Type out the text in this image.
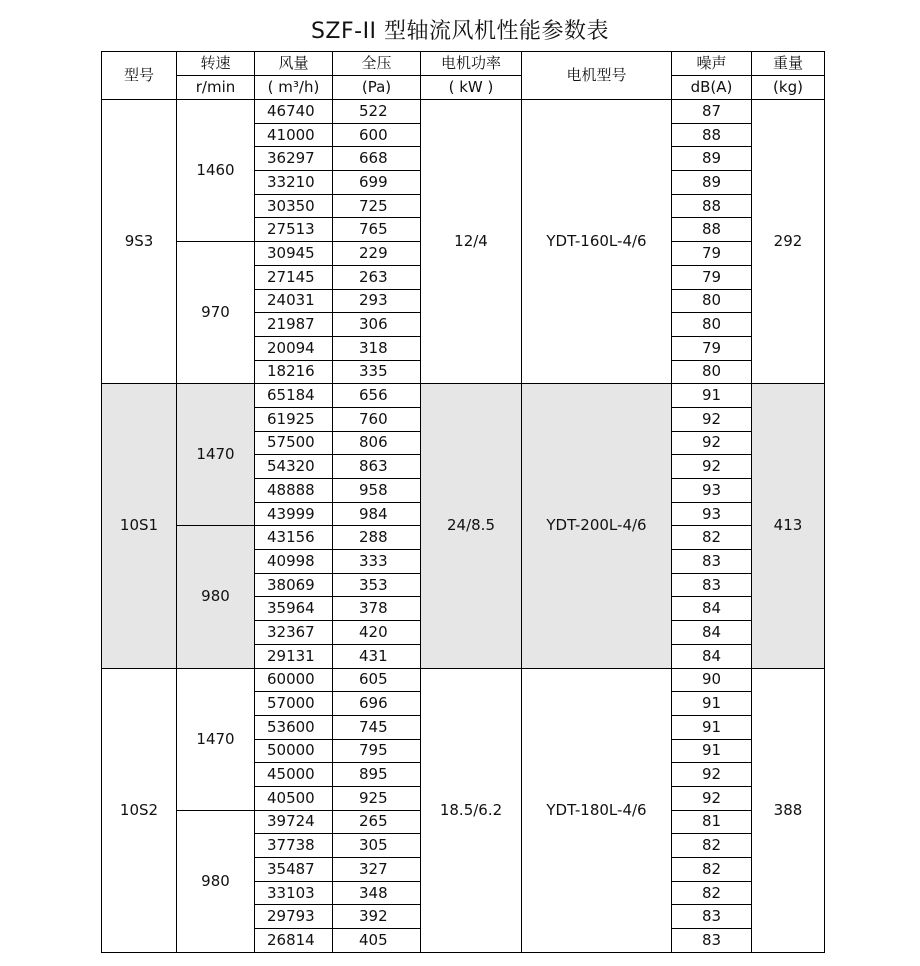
SZF-II 型轴流风机性能参数表
型号	转速	风量	全压	电机功率	电机型号	噪声	重量
	r/min	( m³/h)	(Pa)	( kW )		dB(A)	(kg)
9S3	1460	46740	522	12/4	YDT-160L-4/6	87	292
		41000	600			88	
		36297	668			89	
		33210	699			89	
		30350	725			88	
		27513	765			88	
	970	30945	229			79	
		27145	263			79	
		24031	293			80	
		21987	306			80	
		20094	318			79	
		18216	335			80	
10S1	1470	65184	656	24/8.5	YDT-200L-4/6	91	413
		61925	760			92	
		57500	806			92	
		54320	863			92	
		48888	958			93	
		43999	984			93	
	980	43156	288			82	
		40998	333			83	
		38069	353			83	
		35964	378			84	
		32367	420			84	
		29131	431			84	
10S2	1470	60000	605	18.5/6.2	YDT-180L-4/6	90	388
		57000	696			91	
		53600	745			91	
		50000	795			91	
		45000	895			92	
		40500	925			92	
	980	39724	265			81	
		37738	305			82	
		35487	327			82	
		33103	348			82	
		29793	392			83	
		26814	405			83	
